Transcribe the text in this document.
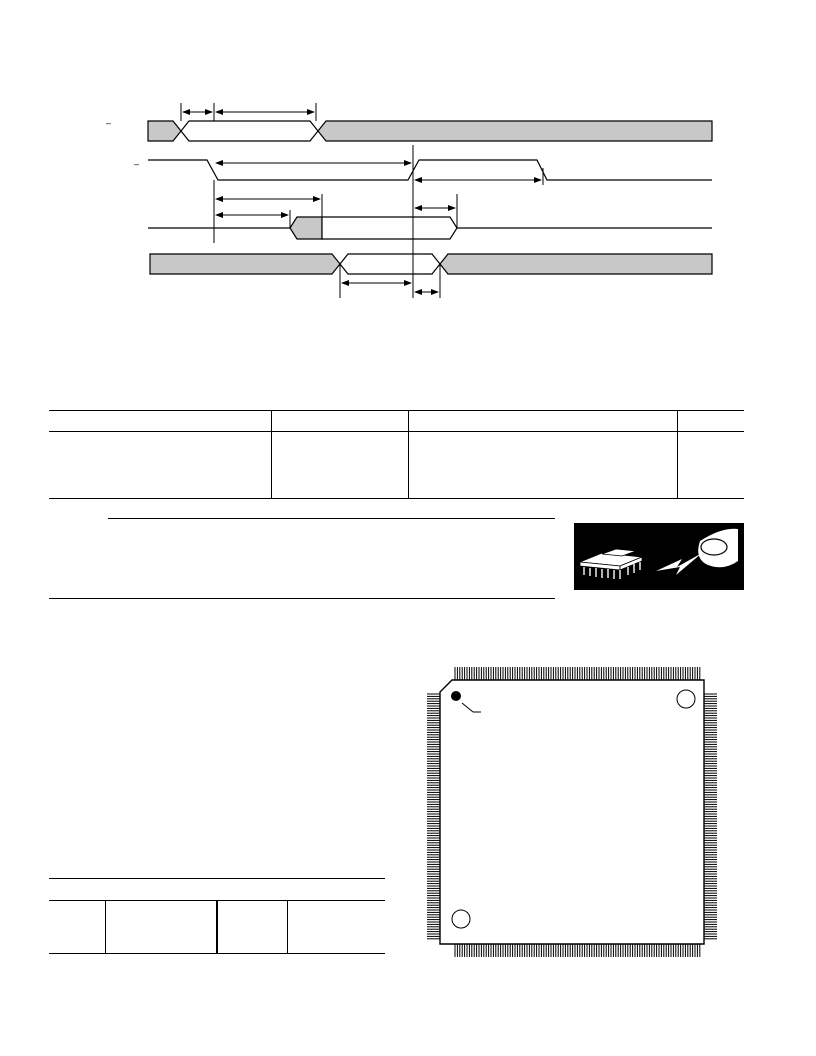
–
–
